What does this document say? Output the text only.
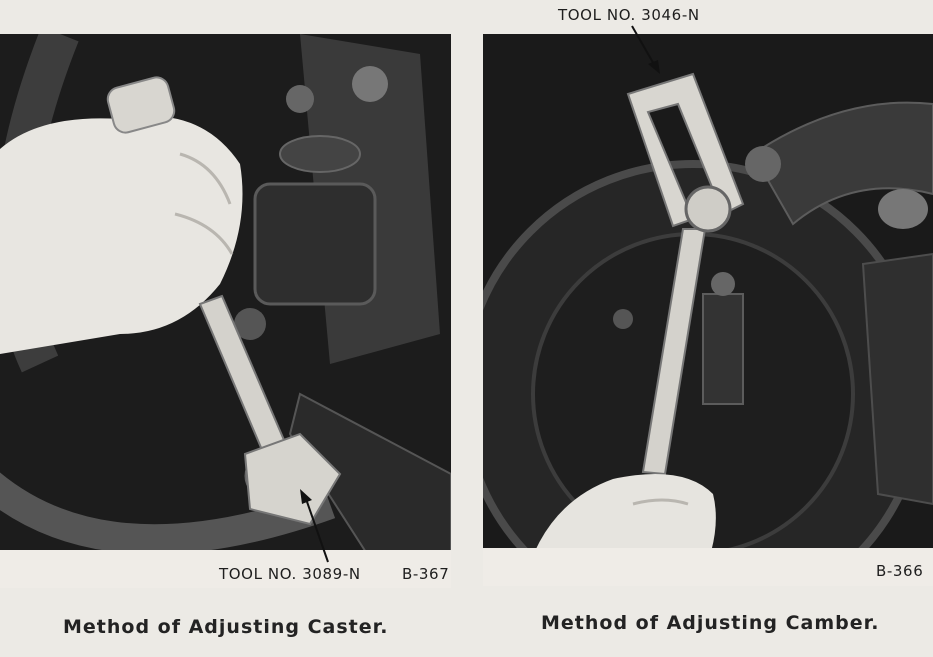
TOOL NO. 3089-N	B-367
TOOL NO. 3046-N
B-366
Method of Adjusting Caster.	Method of Adjusting Camber.
